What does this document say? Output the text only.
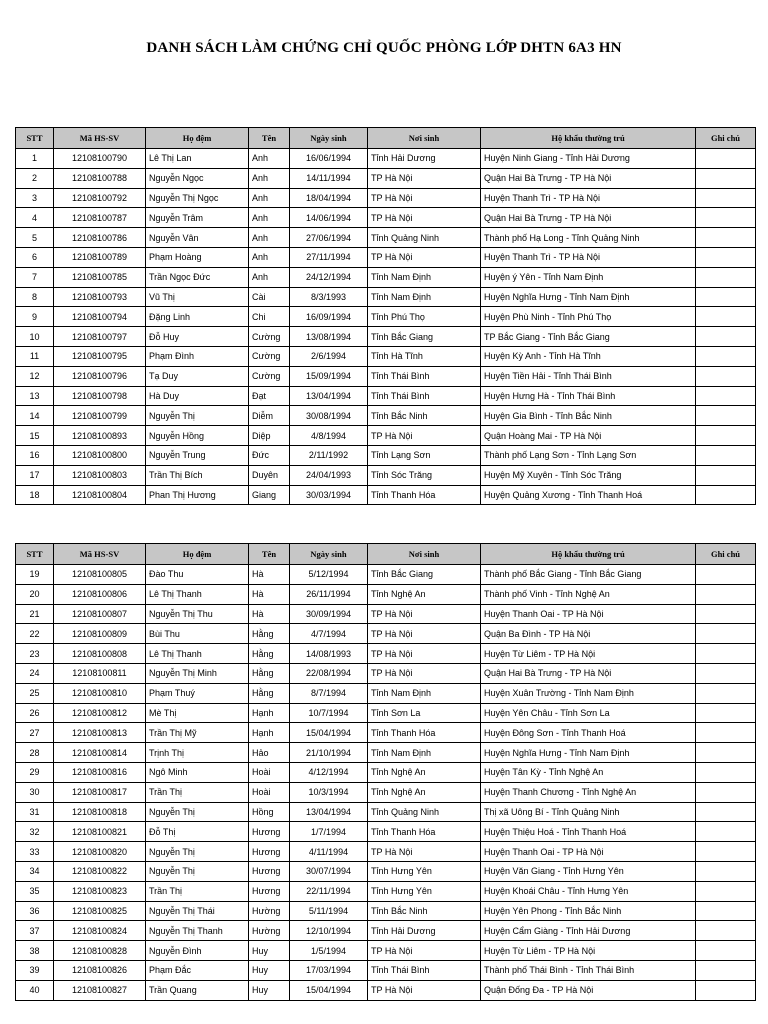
DANH SÁCH LÀM CHỨNG CHỈ QUỐC PHÒNG LỚP DHTN 6A3 HN
STT	Mã HS-SV	Họ đệm	Tên	Ngày sinh	Nơi sinh	Hộ khẩu thường trú	Ghi chú
1	12108100790	Lê Thị Lan	Anh	16/06/1994	Tỉnh Hải Dương	Huyện Ninh Giang - Tỉnh Hải Dương	
2	12108100788	Nguyễn Ngọc	Anh	14/11/1994	TP Hà Nội	Quận Hai Bà Trưng - TP Hà Nội	
3	12108100792	Nguyễn Thị Ngọc	Anh	18/04/1994	TP Hà Nội	Huyện Thanh Trì - TP Hà Nội	
4	12108100787	Nguyễn Trâm	Anh	14/06/1994	TP Hà Nội	Quận Hai Bà Trưng - TP Hà Nội	
5	12108100786	Nguyễn Vân	Anh	27/06/1994	Tỉnh Quảng Ninh	Thành phố Hạ Long - Tỉnh Quảng Ninh	
6	12108100789	Phạm Hoàng	Anh	27/11/1994	TP Hà Nội	Huyện Thanh Trì - TP Hà Nội	
7	12108100785	Trần Ngọc Đức	Anh	24/12/1994	Tỉnh Nam Định	Huyện ý Yên - Tỉnh Nam Định	
8	12108100793	Vũ Thị	Cài	8/3/1993	Tỉnh Nam Định	Huyện Nghĩa Hưng - Tỉnh Nam Định	
9	12108100794	Đặng Linh	Chi	16/09/1994	Tỉnh Phú Thọ	Huyện Phù Ninh - Tỉnh Phú Thọ	
10	12108100797	Đỗ Huy	Cường	13/08/1994	Tỉnh Bắc Giang	TP Bắc Giang - Tỉnh Bắc Giang	
11	12108100795	Phạm Đình	Cường	2/6/1994	Tỉnh Hà Tĩnh	Huyện Kỳ Anh - Tỉnh Hà Tĩnh	
12	12108100796	Tạ Duy	Cường	15/09/1994	Tỉnh Thái Bình	Huyện Tiền Hải - Tỉnh Thái Bình	
13	12108100798	Hà Duy	Đạt	13/04/1994	Tỉnh Thái Bình	Huyện Hưng Hà - Tỉnh Thái Bình	
14	12108100799	Nguyễn Thị	Diễm	30/08/1994	Tỉnh Bắc Ninh	Huyện Gia Bình - Tỉnh Bắc Ninh	
15	12108100893	Nguyễn Hồng	Diệp	4/8/1994	TP Hà Nội	Quận Hoàng Mai - TP Hà Nội	
16	12108100800	Nguyễn Trung	Đức	2/11/1992	Tỉnh Lạng Sơn	Thành phố Lạng Sơn - Tỉnh Lạng Sơn	
17	12108100803	Trần Thị Bích	Duyên	24/04/1993	Tỉnh Sóc Trăng	Huyện Mỹ Xuyên - Tỉnh Sóc Trăng	
18	12108100804	Phan Thị Hương	Giang	30/03/1994	Tỉnh Thanh Hóa	Huyện Quảng Xương - Tỉnh Thanh Hoá	
STT	Mã HS-SV	Họ đệm	Tên	Ngày sinh	Nơi sinh	Hộ khẩu thường trú	Ghi chú
19	12108100805	Đào Thu	Hà	5/12/1994	Tỉnh Bắc Giang	Thành phố Bắc Giang - Tỉnh Bắc Giang	
20	12108100806	Lê Thị Thanh	Hà	26/11/1994	Tỉnh Nghệ An	Thành phố Vinh - Tỉnh Nghệ An	
21	12108100807	Nguyễn Thị Thu	Hà	30/09/1994	TP Hà Nội	Huyện Thanh Oai - TP Hà Nội	
22	12108100809	Bùi Thu	Hằng	4/7/1994	TP Hà Nội	Quận Ba Đình - TP Hà Nội	
23	12108100808	Lê Thị Thanh	Hằng	14/08/1993	TP Hà Nội	Huyện Từ Liêm - TP Hà Nội	
24	12108100811	Nguyễn Thị Minh	Hằng	22/08/1994	TP Hà Nội	Quận Hai Bà Trưng - TP Hà Nội	
25	12108100810	Phạm Thuý	Hằng	8/7/1994	Tỉnh Nam Định	Huyện Xuân Trường - Tỉnh Nam Định	
26	12108100812	Mè Thị	Hạnh	10/7/1994	Tỉnh Sơn La	Huyện Yên Châu - Tỉnh Sơn La	
27	12108100813	Trần Thị Mỹ	Hạnh	15/04/1994	Tỉnh Thanh Hóa	Huyện Đông Sơn - Tỉnh Thanh Hoá	
28	12108100814	Trịnh Thị	Hảo	21/10/1994	Tỉnh Nam Định	Huyện Nghĩa Hưng - Tỉnh Nam Định	
29	12108100816	Ngô Minh	Hoài	4/12/1994	Tỉnh Nghệ An	Huyện Tân Kỳ - Tỉnh Nghệ An	
30	12108100817	Trần Thị	Hoài	10/3/1994	Tỉnh Nghệ An	Huyện Thanh Chương - Tỉnh Nghệ An	
31	12108100818	Nguyễn Thị	Hồng	13/04/1994	Tỉnh Quảng Ninh	Thị xã Uông Bí - Tỉnh Quảng Ninh	
32	12108100821	Đỗ Thị	Hương	1/7/1994	Tỉnh Thanh Hóa	Huyện Thiệu Hoá - Tỉnh Thanh Hoá	
33	12108100820	Nguyễn Thị	Hương	4/11/1994	TP Hà Nội	Huyện Thanh Oai - TP Hà Nội	
34	12108100822	Nguyễn Thị	Hương	30/07/1994	Tỉnh Hưng Yên	Huyện Văn Giang - Tỉnh Hưng Yên	
35	12108100823	Trần Thị	Hương	22/11/1994	Tỉnh Hưng Yên	Huyện Khoái Châu - Tỉnh Hưng Yên	
36	12108100825	Nguyễn Thị Thái	Hường	5/11/1994	Tỉnh Bắc Ninh	Huyện Yên Phong - Tỉnh Bắc Ninh	
37	12108100824	Nguyễn Thị Thanh	Hường	12/10/1994	Tỉnh Hải Dương	Huyện Cẩm Giàng - Tỉnh Hải Dương	
38	12108100828	Nguyễn Đình	Huy	1/5/1994	TP Hà Nội	Huyện Từ Liêm - TP Hà Nội	
39	12108100826	Phạm Đắc	Huy	17/03/1994	Tỉnh Thái Bình	Thành phố Thái Bình - Tỉnh Thái Bình	
40	12108100827	Trần Quang	Huy	15/04/1994	TP Hà Nội	Quận Đống Đa - TP Hà Nội	
